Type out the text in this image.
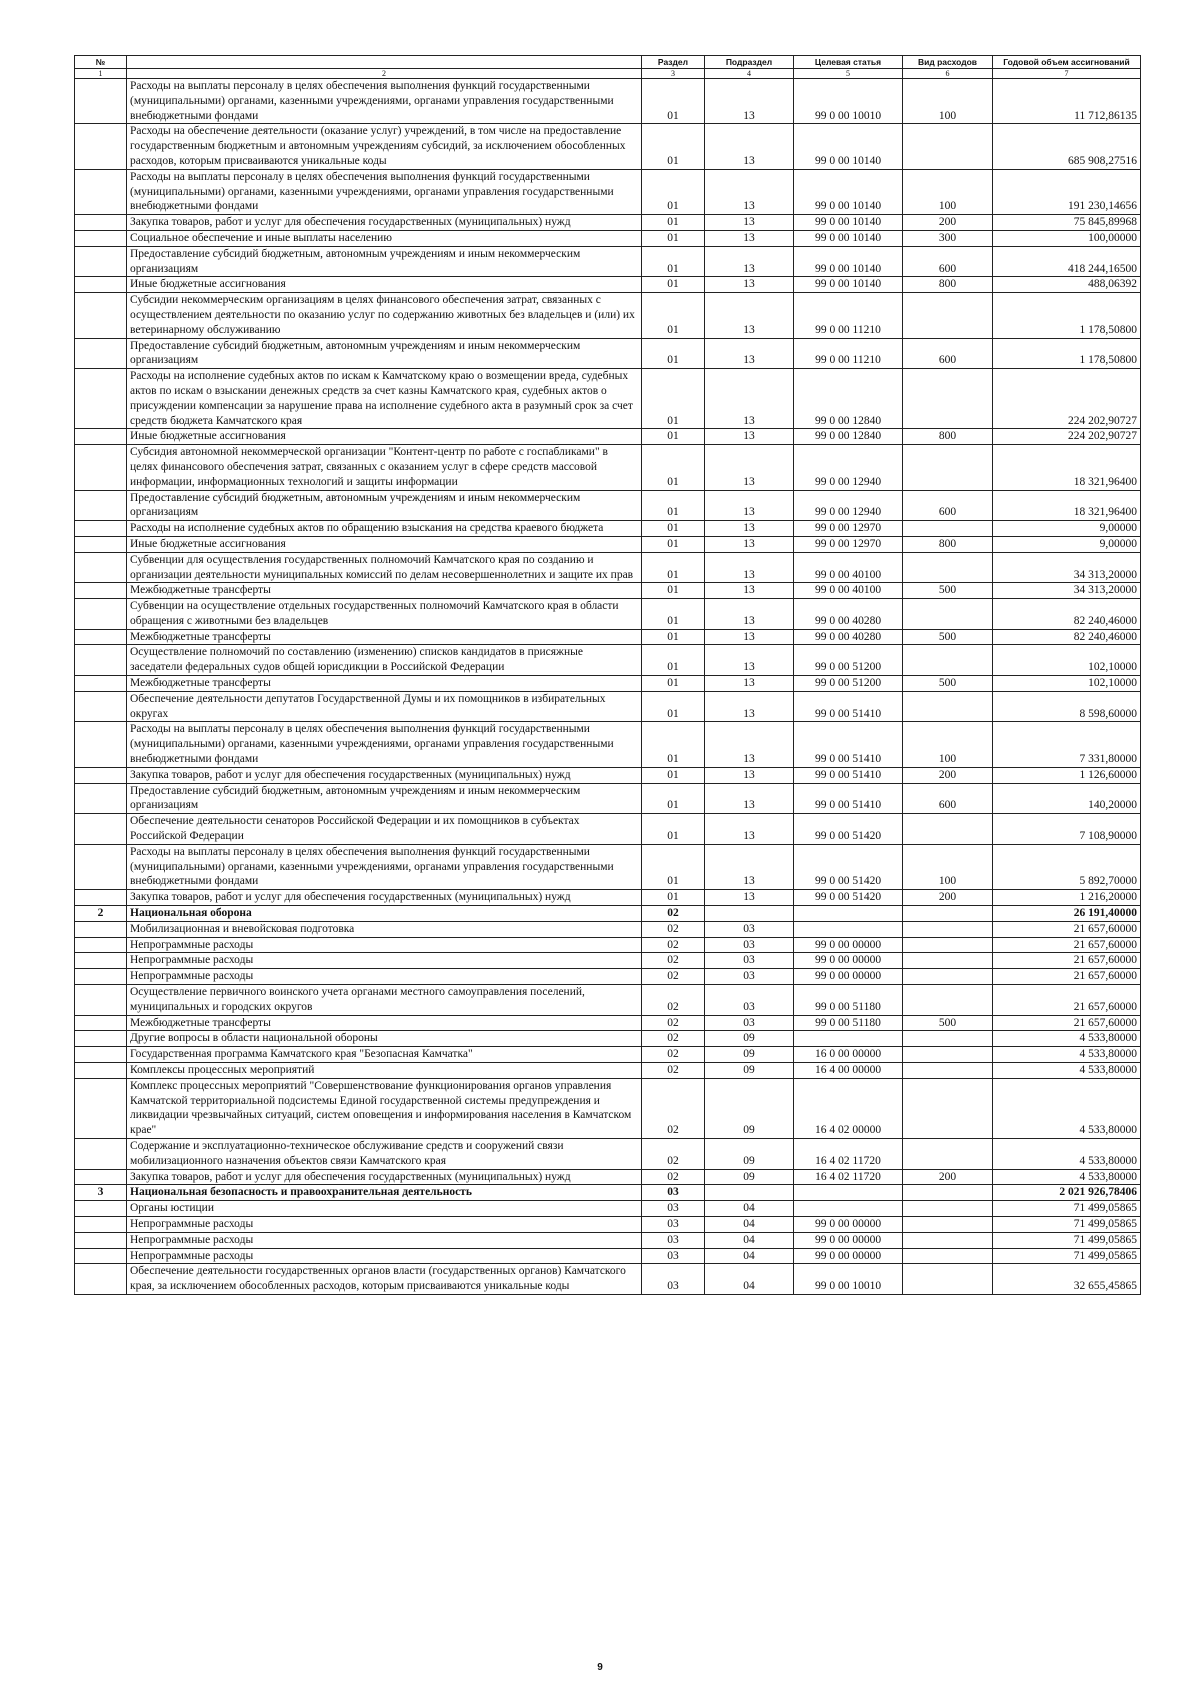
№		Раздел	Подраздел	Целевая статья	Вид расходов	Годовой объем ассигнований
1	2	3	4	5	6	7
	Расходы на выплаты персоналу в целях обеспечения выполнения функций государственными (муниципальными) органами, казенными учреждениями, органами управления государственными внебюджетными фондами	01	13	99 0 00 10010	100	11 712,86135
	Расходы на обеспечение деятельности (оказание услуг) учреждений, в том числе на предоставление государственным бюджетным и автономным учреждениям субсидий, за исключением обособленных расходов, которым присваиваются уникальные коды	01	13	99 0 00 10140		685 908,27516
	Расходы на выплаты персоналу в целях обеспечения выполнения функций государственными (муниципальными) органами, казенными учреждениями, органами управления государственными внебюджетными фондами	01	13	99 0 00 10140	100	191 230,14656
	Закупка товаров, работ и услуг для обеспечения государственных (муниципальных) нужд	01	13	99 0 00 10140	200	75 845,89968
	Социальное обеспечение и иные выплаты населению	01	13	99 0 00 10140	300	100,00000
	Предоставление субсидий бюджетным, автономным учреждениям и иным некоммерческим организациям	01	13	99 0 00 10140	600	418 244,16500
	Иные бюджетные ассигнования	01	13	99 0 00 10140	800	488,06392
	Субсидии некоммерческим организациям в целях финансового обеспечения затрат, связанных с осуществлением деятельности по оказанию услуг по содержанию животных без владельцев и (или) их ветеринарному обслуживанию	01	13	99 0 00 11210		1 178,50800
	Предоставление субсидий бюджетным, автономным учреждениям и иным некоммерческим организациям	01	13	99 0 00 11210	600	1 178,50800
	Расходы на исполнение судебных актов по искам к Камчатскому краю о возмещении вреда, судебных актов по искам о взыскании денежных средств за счет казны Камчатского края, судебных актов о присуждении компенсации за нарушение права на исполнение судебного акта в разумный срок за счет средств бюджета Камчатского края	01	13	99 0 00 12840		224 202,90727
	Иные бюджетные ассигнования	01	13	99 0 00 12840	800	224 202,90727
	Субсидия автономной некоммерческой организации "Контент-центр по работе с госпабликами" в целях финансового обеспечения затрат, связанных с оказанием услуг в сфере средств массовой информации, информационных технологий и защиты информации	01	13	99 0 00 12940		18 321,96400
	Предоставление субсидий бюджетным, автономным учреждениям и иным некоммерческим организациям	01	13	99 0 00 12940	600	18 321,96400
	Расходы на исполнение судебных актов по обращению взыскания на средства краевого бюджета	01	13	99 0 00 12970		9,00000
	Иные бюджетные ассигнования	01	13	99 0 00 12970	800	9,00000
	Субвенции для осуществления государственных полномочий Камчатского края по созданию и организации деятельности муниципальных комиссий по делам несовершеннолетних и защите их прав	01	13	99 0 00 40100		34 313,20000
	Межбюджетные трансферты	01	13	99 0 00 40100	500	34 313,20000
	Субвенции на осуществление отдельных государственных полномочий Камчатского края в области обращения с животными без владельцев	01	13	99 0 00 40280		82 240,46000
	Межбюджетные трансферты	01	13	99 0 00 40280	500	82 240,46000
	Осуществление полномочий по составлению (изменению) списков кандидатов в присяжные заседатели федеральных судов общей юрисдикции в Российской Федерации	01	13	99 0 00 51200		102,10000
	Межбюджетные трансферты	01	13	99 0 00 51200	500	102,10000
	Обеспечение деятельности депутатов Государственной Думы и их помощников в избирательных округах	01	13	99 0 00 51410		8 598,60000
	Расходы на выплаты персоналу в целях обеспечения выполнения функций государственными (муниципальными) органами, казенными учреждениями, органами управления государственными внебюджетными фондами	01	13	99 0 00 51410	100	7 331,80000
	Закупка товаров, работ и услуг для обеспечения государственных (муниципальных) нужд	01	13	99 0 00 51410	200	1 126,60000
	Предоставление субсидий бюджетным, автономным учреждениям и иным некоммерческим организациям	01	13	99 0 00 51410	600	140,20000
	Обеспечение деятельности сенаторов Российской Федерации и их помощников в субъектах Российской Федерации	01	13	99 0 00 51420		7 108,90000
	Расходы на выплаты персоналу в целях обеспечения выполнения функций государственными (муниципальными) органами, казенными учреждениями, органами управления государственными внебюджетными фондами	01	13	99 0 00 51420	100	5 892,70000
	Закупка товаров, работ и услуг для обеспечения государственных (муниципальных) нужд	01	13	99 0 00 51420	200	1 216,20000
2	Национальная оборона	02				26 191,40000
	Мобилизационная и вневойсковая подготовка	02	03			21 657,60000
	Непрограммные расходы	02	03	99 0 00 00000		21 657,60000
	Непрограммные расходы	02	03	99 0 00 00000		21 657,60000
	Непрограммные расходы	02	03	99 0 00 00000		21 657,60000
	Осуществление первичного воинского учета органами местного самоуправления поселений, муниципальных и городских округов	02	03	99 0 00 51180		21 657,60000
	Межбюджетные трансферты	02	03	99 0 00 51180	500	21 657,60000
	Другие вопросы в области национальной обороны	02	09			4 533,80000
	Государственная программа Камчатского края "Безопасная Камчатка"	02	09	16 0 00 00000		4 533,80000
	Комплексы процессных мероприятий	02	09	16 4 00 00000		4 533,80000
	Комплекс процессных мероприятий "Совершенствование функционирования органов управления Камчатской территориальной подсистемы Единой государственной системы предупреждения и ликвидации чрезвычайных ситуаций, систем оповещения и информирования населения в Камчатском крае"	02	09	16 4 02 00000		4 533,80000
	Содержание и эксплуатационно-техническое обслуживание средств и сооружений связи мобилизационного назначения объектов связи Камчатского края	02	09	16 4 02 11720		4 533,80000
	Закупка товаров, работ и услуг для обеспечения государственных (муниципальных) нужд	02	09	16 4 02 11720	200	4 533,80000
3	Национальная безопасность и правоохранительная деятельность	03				2 021 926,78406
	Органы юстиции	03	04			71 499,05865
	Непрограммные расходы	03	04	99 0 00 00000		71 499,05865
	Непрограммные расходы	03	04	99 0 00 00000		71 499,05865
	Непрограммные расходы	03	04	99 0 00 00000		71 499,05865
	Обеспечение деятельности государственных органов власти (государственных органов) Камчатского края, за исключением обособленных расходов, которым присваиваются уникальные коды	03	04	99 0 00 10010		32 655,45865
9
